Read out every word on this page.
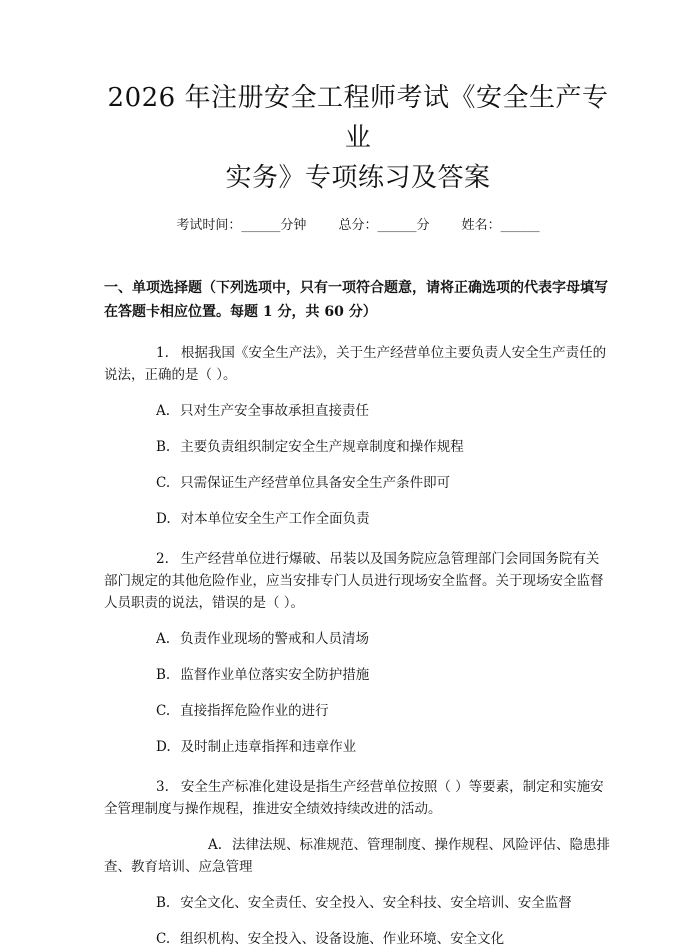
2026 年注册安全工程师考试《安全生产专业
实务》专项练习及答案
考试时间：______分钟 总分：______分 姓名：______
一、单项选择题（下列选项中，只有一项符合题意，请将正确选项的代表字母填写在答题卡相应位置。每题 1 分，共 60 分）
1. 根据我国《安全生产法》，关于生产经营单位主要负责人安全生产责任的说法，正确的是（ ）。
A. 只对生产安全事故承担直接责任
B. 主要负责组织制定安全生产规章制度和操作规程
C. 只需保证生产经营单位具备安全生产条件即可
D. 对本单位安全生产工作全面负责
2. 生产经营单位进行爆破、吊装以及国务院应急管理部门会同国务院有关部门规定的其他危险作业，应当安排专门人员进行现场安全监督。关于现场安全监督人员职责的说法，错误的是（ ）。
A. 负责作业现场的警戒和人员清场
B. 监督作业单位落实安全防护措施
C. 直接指挥危险作业的进行
D. 及时制止违章指挥和违章作业
3. 安全生产标准化建设是指生产经营单位按照（ ）等要素，制定和实施安全管理制度与操作规程，推进安全绩效持续改进的活动。
A. 法律法规、标准规范、管理制度、操作规程、风险评估、隐患排查、教育培训、应急管理
B. 安全文化、安全责任、安全投入、安全科技、安全培训、安全监督
C. 组织机构、安全投入、设备设施、作业环境、安全文化
